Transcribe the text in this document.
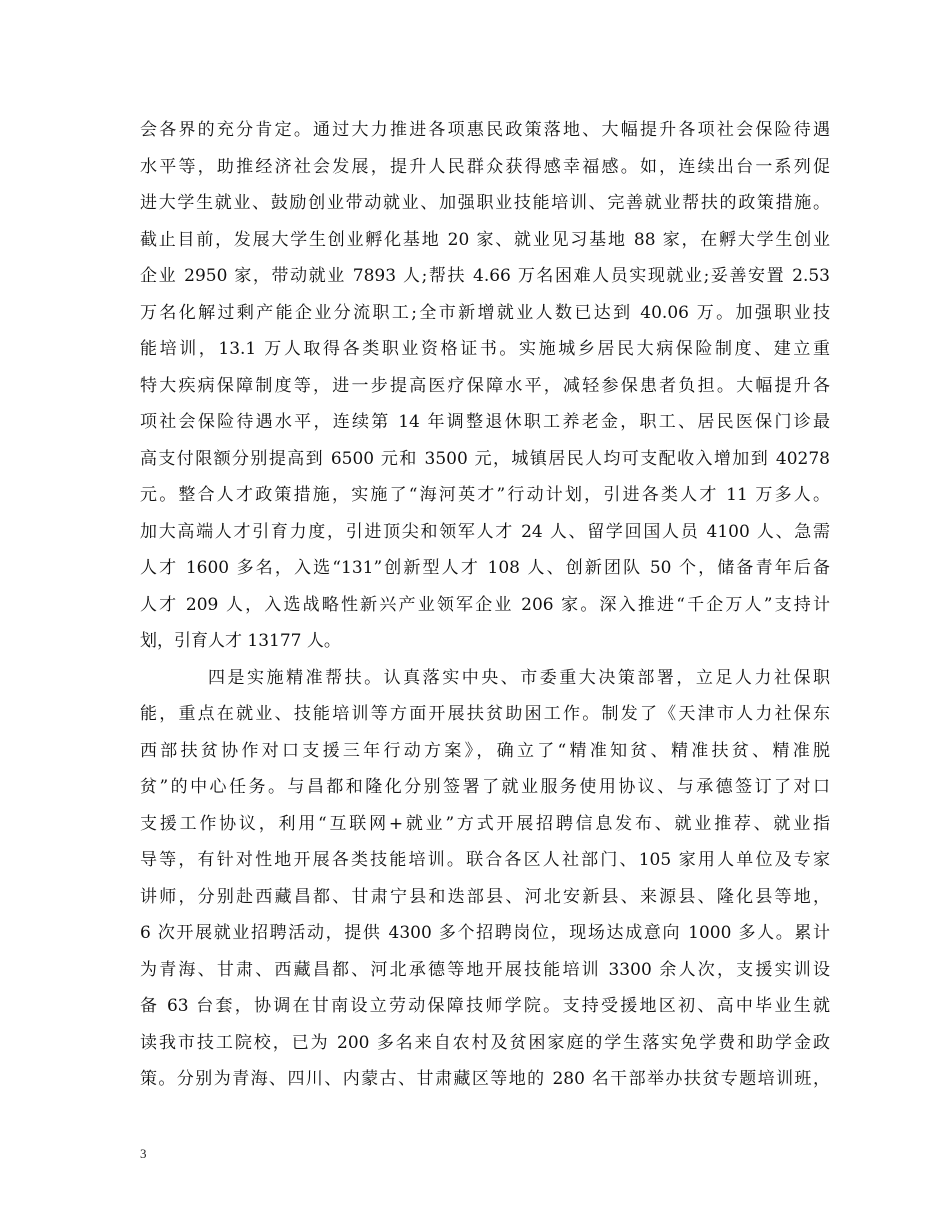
会各界的充分肯定。通过大力推进各项惠民政策落地、大幅提升各项社会保险待遇
水平等，助推经济社会发展，提升人民群众获得感幸福感。如，连续出台一系列促
进大学生就业、鼓励创业带动就业、加强职业技能培训、完善就业帮扶的政策措施。
截止目前，发展大学生创业孵化基地 20 家、就业见习基地 88 家，在孵大学生创业
企业 2950 家，带动就业 7893 人;帮扶 4.66 万名困难人员实现就业;妥善安置 2.53
万名化解过剩产能企业分流职工;全市新增就业人数已达到 40.06 万。加强职业技
能培训，13.1 万人取得各类职业资格证书。实施城乡居民大病保险制度、建立重
特大疾病保障制度等，进一步提高医疗保障水平，减轻参保患者负担。大幅提升各
项社会保险待遇水平，连续第 14 年调整退休职工养老金，职工、居民医保门诊最
高支付限额分别提高到 6500 元和 3500 元，城镇居民人均可支配收入增加到 40278
元。整合人才政策措施，实施了“海河英才”行动计划，引进各类人才 11 万多人。
加大高端人才引育力度，引进顶尖和领军人才 24 人、留学回国人员 4100 人、急需
人才 1600 多名，入选“131”创新型人才 108 人、创新团队 50 个，储备青年后备
人才 209 人，入选战略性新兴产业领军企业 206 家。深入推进“千企万人”支持计
划，引育人才 13177 人。
四是实施精准帮扶。认真落实中央、市委重大决策部署，立足人力社保职
能，重点在就业、技能培训等方面开展扶贫助困工作。制发了《天津市人力社保东
西部扶贫协作对口支援三年行动方案》，确立了“精准知贫、精准扶贫、精准脱
贫”的中心任务。与昌都和隆化分别签署了就业服务使用协议、与承德签订了对口
支援工作协议，利用“互联网+就业”方式开展招聘信息发布、就业推荐、就业指
导等，有针对性地开展各类技能培训。联合各区人社部门、105 家用人单位及专家
讲师，分别赴西藏昌都、甘肃宁县和迭部县、河北安新县、来源县、隆化县等地，
6 次开展就业招聘活动，提供 4300 多个招聘岗位，现场达成意向 1000 多人。累计
为青海、甘肃、西藏昌都、河北承德等地开展技能培训 3300 余人次，支援实训设
备 63 台套，协调在甘南设立劳动保障技师学院。支持受援地区初、高中毕业生就
读我市技工院校，已为 200 多名来自农村及贫困家庭的学生落实免学费和助学金政
策。分别为青海、四川、内蒙古、甘肃藏区等地的 280 名干部举办扶贫专题培训班，
3
